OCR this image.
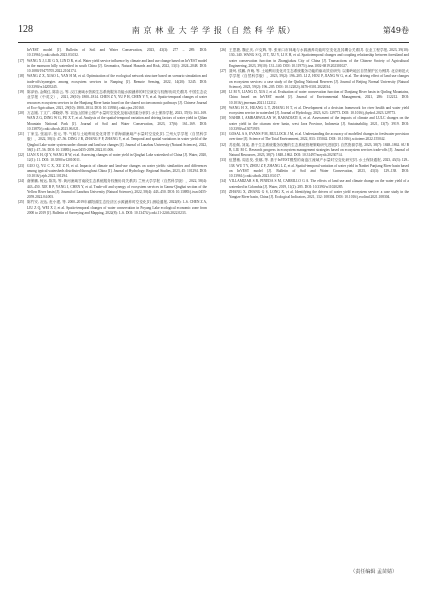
128	南 京 林 业 大 学 学 报（自 然 科 学 版）	第49卷
InVEST model [J]. Bulletin of Soil and Water Conservation, 2023, 43(3): 277 – 289. DOI: 10.13961/j.cnki.stbctb.2023.03.032.
[17] WANG X J, LIU G X, LIN D R, et al. Water yield service influence by climate and land use change based on InVEST model in the monsoon hilly watershed in south China [J]. Geomatics, Natural Hazards and Risk, 2022, 13(1): 2024–2048. DOI: 10.1080/19475705.2022.2104174.
[18] WANG Z X, XIAO L, YAN H M, et al. Optimisation of the ecological network structure based on scenario simulation and trade-offs/synergies among ecosystem services in Nanping [J]. Remote Sensing, 2022, 14(20): 5245. DOI: 10.3390/rs14205245.
[19] 陈泽怡, 金佩红, 陈彩云, 等. 汉江流域水资源生态系统服务功能水源涵养的时空演变与权衡/协同关系[J]. 中国生态农业学报（中英文），2021, 29(10): 1800–1814. CHEN Z Y, YU P H, CHEN Y Y, et al. Spatio-temporal changes of water resources ecosystem services in the Hanjiang River basin based on the shared socioeconomic pathways [J]. Chinese Journal of Eco-Agriculture, 2021, 29(10): 1800–1814. DOI: 10.13930/j.cnki.cjea.210160.
[20] 万志刚, 丁文广, 谭晓婷, 等. 祁连山国家公园产水量时空变化及驱动因素分析[J]. 水土保持学报, 2023, 37(6): 161–169. WAN Z G, DING W G, PU X T, et al. Analysis of the spatial-temporal variation and driving factors of water yield in Qilian Mountain National Park [J]. Journal of Soil and Water Conservation, 2023, 37(6): 161–169. DOI: 10.13870/j.cnki.stbcxb.2023.06.021.
[21] 丁家宝, 张福平, 张元, 等. 气候与土地利用变化背景下青海湖流域产水量时空变化[J]. 兰州大学学报（自然科学版），2022, 58(1): 47–56. DING J B, ZHANG F P, ZHANG Y, et al. Temporal and spatial variations in water yield of the Qinghai Lake water system under climate and land use changes [J]. Journal of Lanzhou University (Natural Sciences), 2022, 58(1): 47–56. DOI: 10.13885/j.issn.0455-2059.2022.01.006.
[22] LIAN X H, QI Y, WANG H W, et al. Assessing changes of water yield in Qinghai Lake watershed of China [J]. Water, 2020, 12(1): 11. DOI: 10.3390/w12010011.
[23] GUO Q, YU C X, XU Z H, et al. Impacts of climate and land-use changes on water yields: similarities and differences among typical watersheds distributed throughout China [J]. Journal of Hydrology: Regional Studies, 2023, 45: 101294. DOI: 10.1016/j.ejrh.2022.101294.
[24] 谢保鹏, 杨运, 陈英, 等. 黄河流域甘南段生态系统服务权衡协同关系[J]. 兰州大学学报（自然科学版），2022, 58(4): 443–450. XIE B P, YANG J, CHEN Y, et al. Trade-off and synergy of ecosystem services in Gansu-Qinghai section of the Yellow River basin [J]. Journal of Lanzhou University (Natural Sciences), 2022, 58(4): 443–450. DOI: 10.13885/j.issn.0455-2059.2022.04.003.
[25] 陈竹安, 况达, 危小建, 等. 2000–2019年鄱阳湖生态经济区水源涵养时空变化[J]. 测绘通报, 2022(8): 1–6. CHEN Z A, LIU Z Q, WEI X J, et al. Spatio-temporal changes of water conservation in Poyang Lake ecological economic zone from 2000 to 2019 [J]. Bulletin of Surveying and Mapping, 2022(8): 1–6. DOI: 10.13474/j.cnki.11-2246.2022.0233.
[26] 王思捷, 魏正庆, 卢克辉, 等. 张家口市林地与水源涵养功能时空变化及其耦合关系[J]. 农业工程学报, 2023, 39(10): 130–140. WANG S Q, JI T, XU Y, LI E H, et al. Spatiotemporal changes and coupling relationship between forestland and water conservation function in Zhangjiakou City of China [J]. Transactions of the Chinese Society of Agricultural Engineering, 2023, 39(10): 131–140. DOI: 10.11975/j.issn.1002-6819.202301027.
[27] 聂珂, 侯鹏, 肖萌, 等. 土地利用变化对生态系统服务功能的驱动效应研究: 以秦岭地区自然保护区为例[J]. 北京师范大学学报（自然科学版），2023, 59(2): 196–205. LI Z, HOU P, JIANG W G, et al. The driving effect of land use changes on ecosystem services: a case study of the Qinling National Reserves [J]. Journal of Beijing Normal University (Natural Science), 2023, 59(2): 196–205. DOI: 10.12202/j.0476-0301.2022034.
[28] LI M Y, LIANG D, XIA J, et al. Evaluation of water conservation function of Danjiang River basin in Qinling Mountains, China based on InVEST model [J]. Journal of Environmental Management, 2021, 286: 112212. DOI: 10.1016/j.jenvman.2021.112212.
[29] WANG H X, HUANG L T, ZHANG H T, et al. Development of a decision framework for river health and water yield ecosystem service in watershed [J]. Journal of Hydrology, 2023, 623: 129773. DOI: 10.1016/j.jhydrol.2023.129773.
[30] NAHIB I, AMBARWULAN W, RAHADIATI A, et al. Assessment of the impacts of climate and LULC changes on the water yield in the citarum river basin, west Java Province, Indonesia [J]. Sustainability, 2021, 13(7): 3919. DOI: 10.3390/su13073919.
[31] GOSAL A S, EVANS P M, BULLOCK J M, et al. Understanding the accuracy of modelled changes in freshwater provision over time [J]. Science of The Total Environment, 2022, 833: 155042. DOI: 10.1016/j.scitotenv.2022.155042.
[32] 苏佳佩, 刘某, 基于生态系统服务权衡的生态系统管理策略研究进展[J]. 自然资源学报, 2023, 38(7): 1848–1862. SU B B, LIU M C. Research progress in ecosystem management strategies based on ecosystem services trade-offs [J]. Journal of Natural Resources, 2023, 38(7): 1848–1862. DOI: 10.31497/zrzyxb.20230714.
[33] 伍慧敏, 周忠发, 张娜, 等. 基于InVEST模型的南盘江流域产水量时空变化研究[J]. 水土保持通报, 2023, 43(3): 129–138. WU T Y, ZHOU Z F, ZHANG L Z, et al. Spatial-temporal variation of water yield in Nanbei Panjiang River basin based on InVEST model [J]. Bulletin of Soil and Water Conservation, 2023, 43(3): 129–138. DOI: 10.13961/j.cnki.stbctb.2023.03.017.
[34] VILLAMIZAR S R, PINEDA S M, CARRILLO G A. The effects of land use and climate change on the water yield of a watershed in Colombia [J]. Water, 2019, 11(2): 285. DOI: 10.3390/w11020285.
[35] ZHANG X, ZHANG G S, LONG X, et al. Identifying the drivers of water yield ecosystem service: a case study in the Yangtze River basin, China [J]. Ecological Indicators, 2021, 132: 108304. DOI: 10.1016/j.ecolind.2021.108304.
（责任编辑 孟苗婧）
